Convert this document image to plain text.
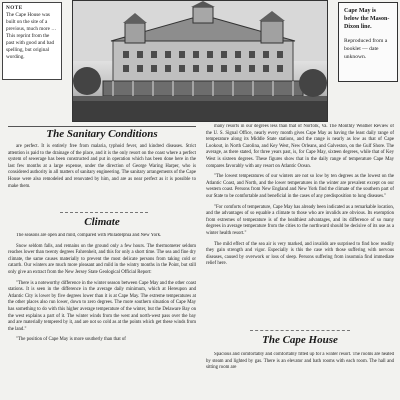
NOTE
The Cape House was built on the site of a previous, much more … This reprint from the past with good and bad spelling, but original wording.
Cape May is below the Mason-Dixon line.
Reproduced from a booklet — date unknown.
The Sanitary Conditions

are perfect. It is entirely free from malaria, typhoid fever, and kindred diseases. Strict attention is paid to the drainage of the place, and it is the only resort on the coast where a perfect system of sewerage has been constructed and put in operation which has been done here in the last few months at a large expense, under the direction of George Waring Harper, who is considered authority in all matters of sanitary engineering. The sanitary arrangements of the Cape House were also remodeled and renovated by him, and are as near perfect as it is possible to make them.

Climate

The seasons are open and mild, compared with Philadelphia and New York.

Snow seldom falls, and remains on the ground only a few hours. The thermometer seldom reaches lower than twenty degrees Fahrenheit, and this for only a short time. The sea and fine dry climate, the same causes materially to prevent the most delicate persons from taking cold or catarrh. Our winters are much more pleasant and mild in the wintry months in the Point, but still only give an extract from the New Jersey State Geological Official Report:

"There is a noteworthy difference in the winter season between Cape May and the other coast stations. It is seen in the difference in the average daily minimum, which at Hereupon and Atlantic City is lower by five degrees lower than it is at Cape May. The extreme temperatures at the other places also run lower, down to zero degrees. The more southern situation of Cape May has something to do with this higher average temperature of the winter, but the Delaware Bay on the west explains a part of it. The winter winds from the west and north-west pass over the bay and are materially tempered by it, and are not so cold as at the points which get these winds from the land."

"The position of Cape May is more southerly than that of

many resorts in our degrees less than that of Norfolk, Va. The Monthly Weather Review of the U. S. Signal Office, nearly every month gives Cape May as having the least daily range of temperature along its Middle State stations, and the range is nearly as low as that of Cape Lookout, in North Carolina, and Key West, New Orleans, and Galveston, on the Gulf Shore. The average, as there stated, for three years past, is, for Cape May, sixteen degrees, while that of Key West is sixteen degrees. These figures show that in the daily range of temperature Cape May compares favorably with any resort on Atlantic Ocean.

"The lowest temperatures of our winters are not so low by ten degrees as the lowest on the Atlantic Coast, and North, and the lower temperatures in the winter are prevalent except on our western coast. Persons from New England and New York find the climate of the southern part of our State to be comfortable and beneficial in the cases of any predisposition to lung diseases."

"For comforts of temperature, Cape May has already been indicated as a remarkable location, and the advantages of so equable a climate to those who are invalids are obvious. Its exemption from extremes of temperature is of the healthiest advantages, and its difference of so many degrees in average temperature from the cities to the northward should be decisive of its use as a winter health resort."

The mild effect of the sea air is very marked, and invalids are surprised to find how readily they gain strength and vigor. Especially is this the case with those suffering with nervous diseases, caused by overwork or loss of sleep. Persons suffering from insomnia find immediate relief here.

The Cape House

Spacious and comfortably and comfortably fitted up for a winter resort. The rooms are heated by steam and lighted by gas. There is an elevator and bath rooms with each room. The hall and sitting room are
